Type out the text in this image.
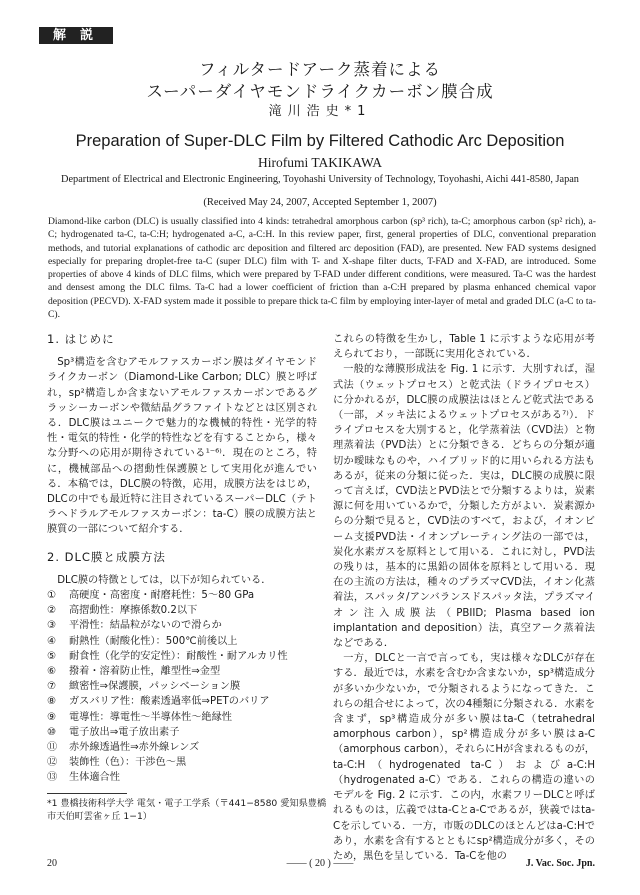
解説
フィルタードアーク蒸着による
スーパーダイヤモンドライクカーボン膜合成
滝川浩史*1
Preparation of Super-DLC Film by Filtered Cathodic Arc Deposition
Hirofumi TAKIKAWA
Department of Electrical and Electronic Engineering, Toyohashi University of Technology, Toyohashi, Aichi 441-8580, Japan
(Received May 24, 2007, Accepted September 1, 2007)
Diamond-like carbon (DLC) is usually classified into 4 kinds: tetrahedral amorphous carbon (sp³ rich), ta-C; amorphous carbon (sp² rich), a-C; hydrogenated ta-C, ta-C:H; hydrogenated a-C, a-C:H. In this review paper, first, general properties of DLC, conventional preparation methods, and tutorial explanations of cathodic arc deposition and filtered arc deposition (FAD), are presented. New FAD systems designed especially for preparing droplet-free ta-C (super DLC) film with T- and X-shape filter ducts, T-FAD and X-FAD, are introduced. Some properties of above 4 kinds of DLC films, which were prepared by T-FAD under different conditions, were measured. Ta-C was the hardest and densest among the DLC films. Ta-C had a lower coefficient of friction than a-C:H prepared by plasma enhanced chemical vapor deposition (PECVD). X-FAD system made it possible to prepare thick ta-C film by employing inter-layer of metal and graded DLC (a-C to ta-C).
1. はじめに

Sp³構造を含むアモルファスカーボン膜はダイヤモンドライクカーボン（Diamond-Like Carbon; DLC）膜と呼ばれ，sp²構造しか含まないアモルファスカーボンであるグラッシーカーボンや微結晶グラファイトなどとは区別される．DLC膜はユニークで魅力的な機械的特性・光学的特性・電気的特性・化学的特性などを有することから，様々な分野への応用が期待されている¹⁻⁶⁾．現在のところ，特に，機械部品への摺動性保護膜として実用化が進んでいる．本稿では，DLC膜の特徴，応用，成膜方法をはじめ，DLCの中でも最近特に注目されているスーパーDLC（テトラヘドラルアモルファスカーボン：ta-C）膜の成膜方法と膜質の一部について紹介する．

2. DLC膜と成膜方法

DLC膜の特徴としては，以下が知られている．

①	高硬度・高密度・耐磨耗性：5～80 GPa
②	高摺動性：摩擦係数0.2以下
③	平滑性：結晶粒がないので滑らか
④	耐熱性（耐酸化性）：500℃前後以上
⑤	耐食性（化学的安定性）：耐酸性・耐アルカリ性
⑥	撥着・溶着防止性，離型性⇒金型
⑦	緻密性⇒保護膜，パッシベーション膜
⑧	ガスバリア性：酸素透過率低⇒PETのバリア
⑨	電導性：導電性～半導体性～絶縁性
⑩	電子放出⇒電子放出素子
⑪	赤外線透過性⇒赤外線レンズ
⑫	装飾性（色）：干渉色～黒
⑬	生体適合性
*1 豊橋技術科学大学 電気・電子工学系（〒441−8580 愛知県豊橋市天伯町雲雀ヶ丘 1−1）

これらの特徴を生かし，Table 1 に示すような応用が考えられており，一部既に実用化されている．

一般的な薄膜形成法を Fig. 1 に示す．大別すれば，湿式法（ウェットプロセス）と乾式法（ドライプロセス）に分かれるが，DLC膜の成膜法はほとんど乾式法である（一部，メッキ法によるウェットプロセスがある⁷⁾）．ドライプロセスを大別すると，化学蒸着法（CVD法）と物理蒸着法（PVD法）とに分類できる．どちらの分類が適切か曖昧なものや，ハイブリッド的に用いられる方法もあるが，従来の分類に従った．実は，DLC膜の成膜に限って言えば，CVD法とPVD法とで分類するよりは，炭素源に何を用いているかで，分類した方がよい．炭素源からの分類で見ると，CVD法のすべて，および，イオンビーム支援PVD法・イオンプレーティング法の一部では，炭化水素ガスを原料として用いる．これに対し，PVD法の残りは，基本的に黒鉛の固体を原料として用いる．現在の主流の方法は，種々のプラズマCVD法，イオン化蒸着法，スパッタ/アンバランスドスパッタ法，プラズマイオン注入成膜法（PBIID; Plasma based ion implantation and deposition）法，真空アーク蒸着法などである．

一方，DLCと一言で言っても，実は様々なDLCが存在する．最近では，水素を含むか含まないか，sp³構造成分が多いか少ないか，で分類されるようになってきた．これらの組合せによって，次の4種類に分類される．水素を含まず，sp³構造成分が多い膜はta-C（tetrahedral amorphous carbon），sp²構造成分が多い膜はa-C（amorphous carbon），それらにHが含まれるものが，ta-C:H（hydrogenated ta-C）およびa-C:H（hydrogenated a-C）である．これらの構造の違いのモデルを Fig. 2 に示す．この内，水素フリーDLCと呼ばれるものは，広義ではta-Cとa-Cであるが，狭義ではta-Cを示している．一方，市販のDLCのほとんどはa-C:Hであり，水素を含有するとともにsp²構造成分が多く，そのため，黒色を呈している．Ta-Cを他の

20	—— ( 20 ) ——	J. Vac. Soc. Jpn.
